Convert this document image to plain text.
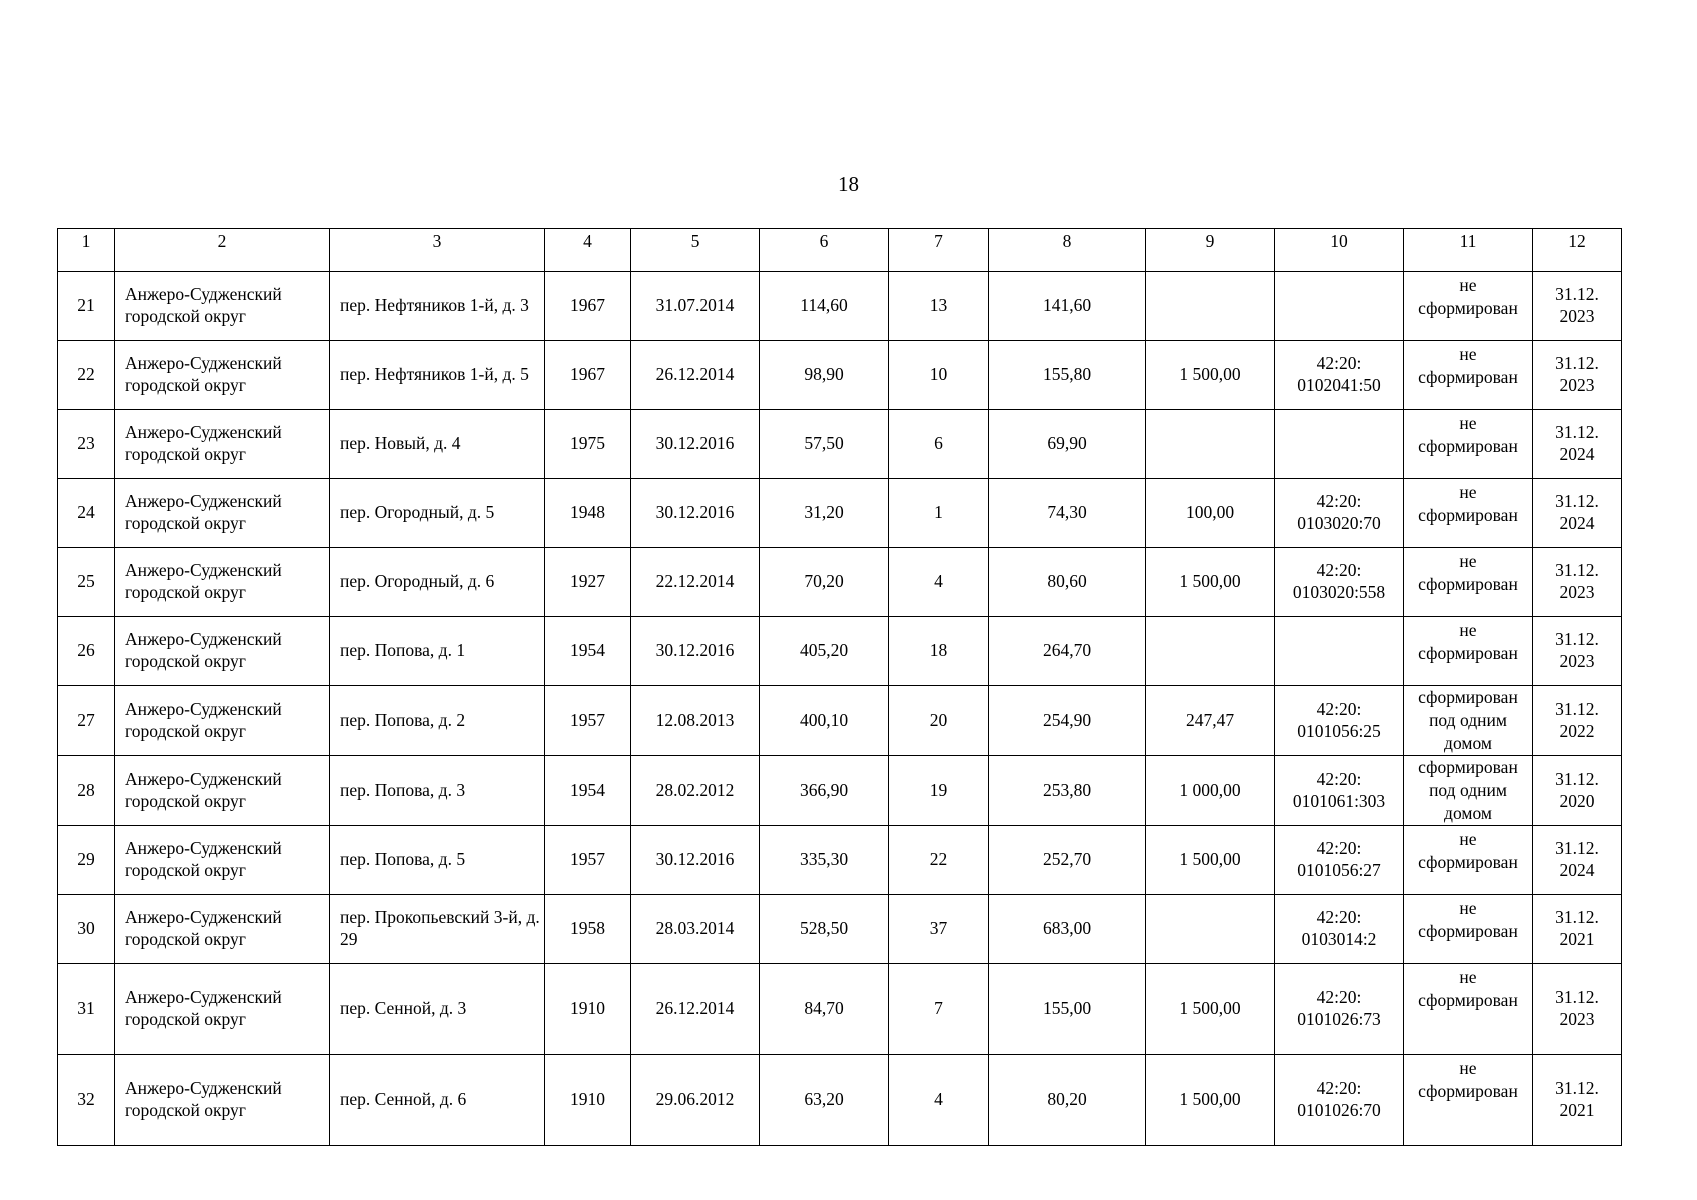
18
1	2	3	4	5	6	7	8	9	10	11	12
21	Анжеро-Судженский городской округ	пер. Нефтяников 1-й, д. 3	1967	31.07.2014	114,60	13	141,60			не сформирован	31.12. 2023
22	Анжеро-Судженский городской округ	пер. Нефтяников 1-й, д. 5	1967	26.12.2014	98,90	10	155,80	1 500,00	42:20: 0102041:50	не сформирован	31.12. 2023
23	Анжеро-Судженский городской округ	пер. Новый, д. 4	1975	30.12.2016	57,50	6	69,90			не сформирован	31.12. 2024
24	Анжеро-Судженский городской округ	пер. Огородный, д. 5	1948	30.12.2016	31,20	1	74,30	100,00	42:20: 0103020:70	не сформирован	31.12. 2024
25	Анжеро-Судженский городской округ	пер. Огородный, д. 6	1927	22.12.2014	70,20	4	80,60	1 500,00	42:20: 0103020:558	не сформирован	31.12. 2023
26	Анжеро-Судженский городской округ	пер. Попова, д. 1	1954	30.12.2016	405,20	18	264,70			не сформирован	31.12. 2023
27	Анжеро-Судженский городской округ	пер. Попова, д. 2	1957	12.08.2013	400,10	20	254,90	247,47	42:20: 0101056:25	сформирован под одним домом	31.12. 2022
28	Анжеро-Судженский городской округ	пер. Попова, д. 3	1954	28.02.2012	366,90	19	253,80	1 000,00	42:20: 0101061:303	сформирован под одним домом	31.12. 2020
29	Анжеро-Судженский городской округ	пер. Попова, д. 5	1957	30.12.2016	335,30	22	252,70	1 500,00	42:20: 0101056:27	не сформирован	31.12. 2024
30	Анжеро-Судженский городской округ	пер. Прокопьевский 3-й, д. 29	1958	28.03.2014	528,50	37	683,00		42:20: 0103014:2	не сформирован	31.12. 2021
31	Анжеро-Судженский городской округ	пер. Сенной, д. 3	1910	26.12.2014	84,70	7	155,00	1 500,00	42:20: 0101026:73	не сформирован	31.12. 2023
32	Анжеро-Судженский городской округ	пер. Сенной, д. 6	1910	29.06.2012	63,20	4	80,20	1 500,00	42:20: 0101026:70	не сформирован	31.12. 2021
